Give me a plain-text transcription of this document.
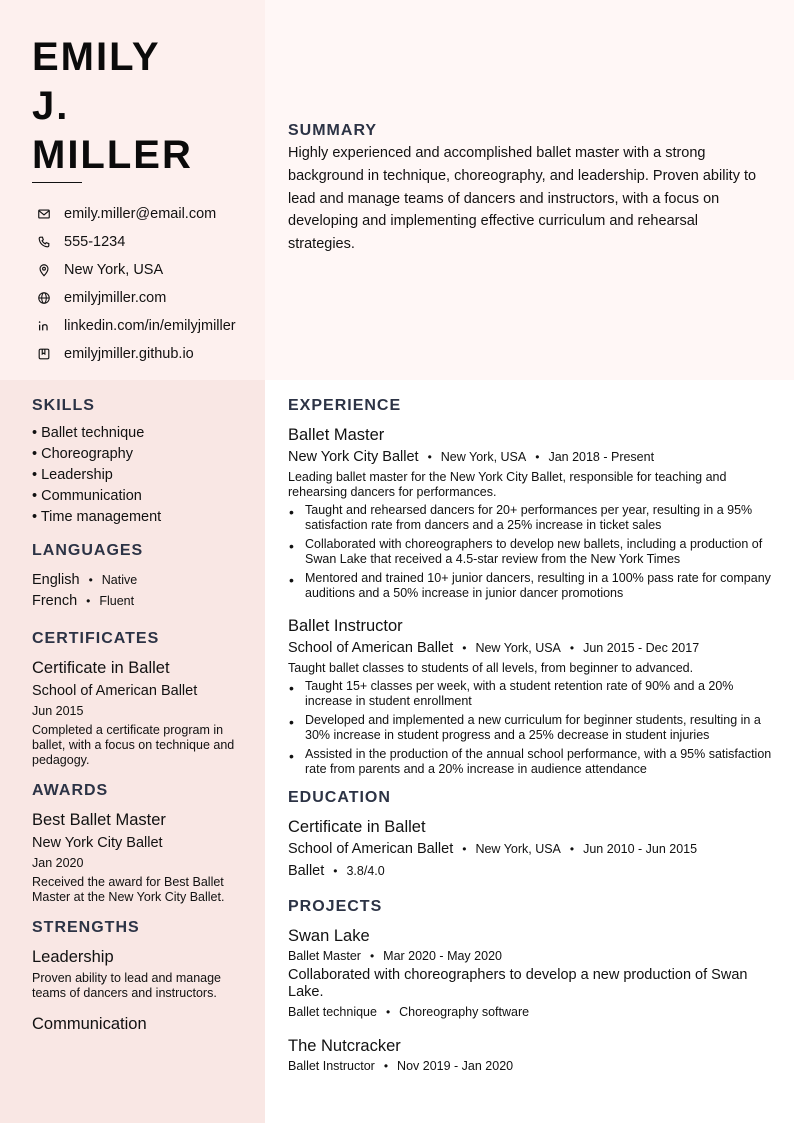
EMILY
J.
MILLER
emily.miller@email.com
555-1234
New York, USA
emilyjmiller.com
linkedin.com/in/emilyjmiller
emilyjmiller.github.io
SUMMARY

Highly experienced and accomplished ballet master with a strong background in technique, choreography, and leadership. Proven ability to lead and manage teams of dancers and instructors, with a focus on developing and implementing effective curriculum and rehearsal strategies.

SKILLS
• Ballet technique
• Choreography
• Leadership
• Communication
• Time management
LANGUAGES
English • Native
French • Fluent
CERTIFICATES
Certificate in Ballet
School of American Ballet
Jun 2015
Completed a certificate program in ballet, with a focus on technique and pedagogy.
AWARDS
Best Ballet Master
New York City Ballet
Jan 2020
Received the award for Best Ballet Master at the New York City Ballet.
STRENGTHS
Leadership
Proven ability to lead and manage teams of dancers and instructors.
Communication
EXPERIENCE
Ballet Master
New York City Ballet • New York, USA • Jan 2018 - Present
Leading ballet master for the New York City Ballet, responsible for teaching and rehearsing dancers for performances.
• Taught and rehearsed dancers for 20+ performances per year, resulting in a 95% satisfaction rate from dancers and a 25% increase in ticket sales
• Collaborated with choreographers to develop new ballets, including a production of Swan Lake that received a 4.5-star review from the New York Times
• Mentored and trained 10+ junior dancers, resulting in a 100% pass rate for company auditions and a 50% increase in junior dancer promotions
Ballet Instructor
School of American Ballet • New York, USA • Jun 2015 - Dec 2017
Taught ballet classes to students of all levels, from beginner to advanced.
• Taught 15+ classes per week, with a student retention rate of 90% and a 20% increase in student enrollment
• Developed and implemented a new curriculum for beginner students, resulting in a 30% increase in student progress and a 25% decrease in student injuries
• Assisted in the production of the annual school performance, with a 95% satisfaction rate from parents and a 20% increase in audience attendance
EDUCATION
Certificate in Ballet
School of American Ballet • New York, USA • Jun 2010 - Jun 2015
Ballet • 3.8/4.0
PROJECTS
Swan Lake
Ballet Master • Mar 2020 - May 2020
Collaborated with choreographers to develop a new production of Swan Lake.
Ballet technique • Choreography software
The Nutcracker
Ballet Instructor • Nov 2019 - Jan 2020
